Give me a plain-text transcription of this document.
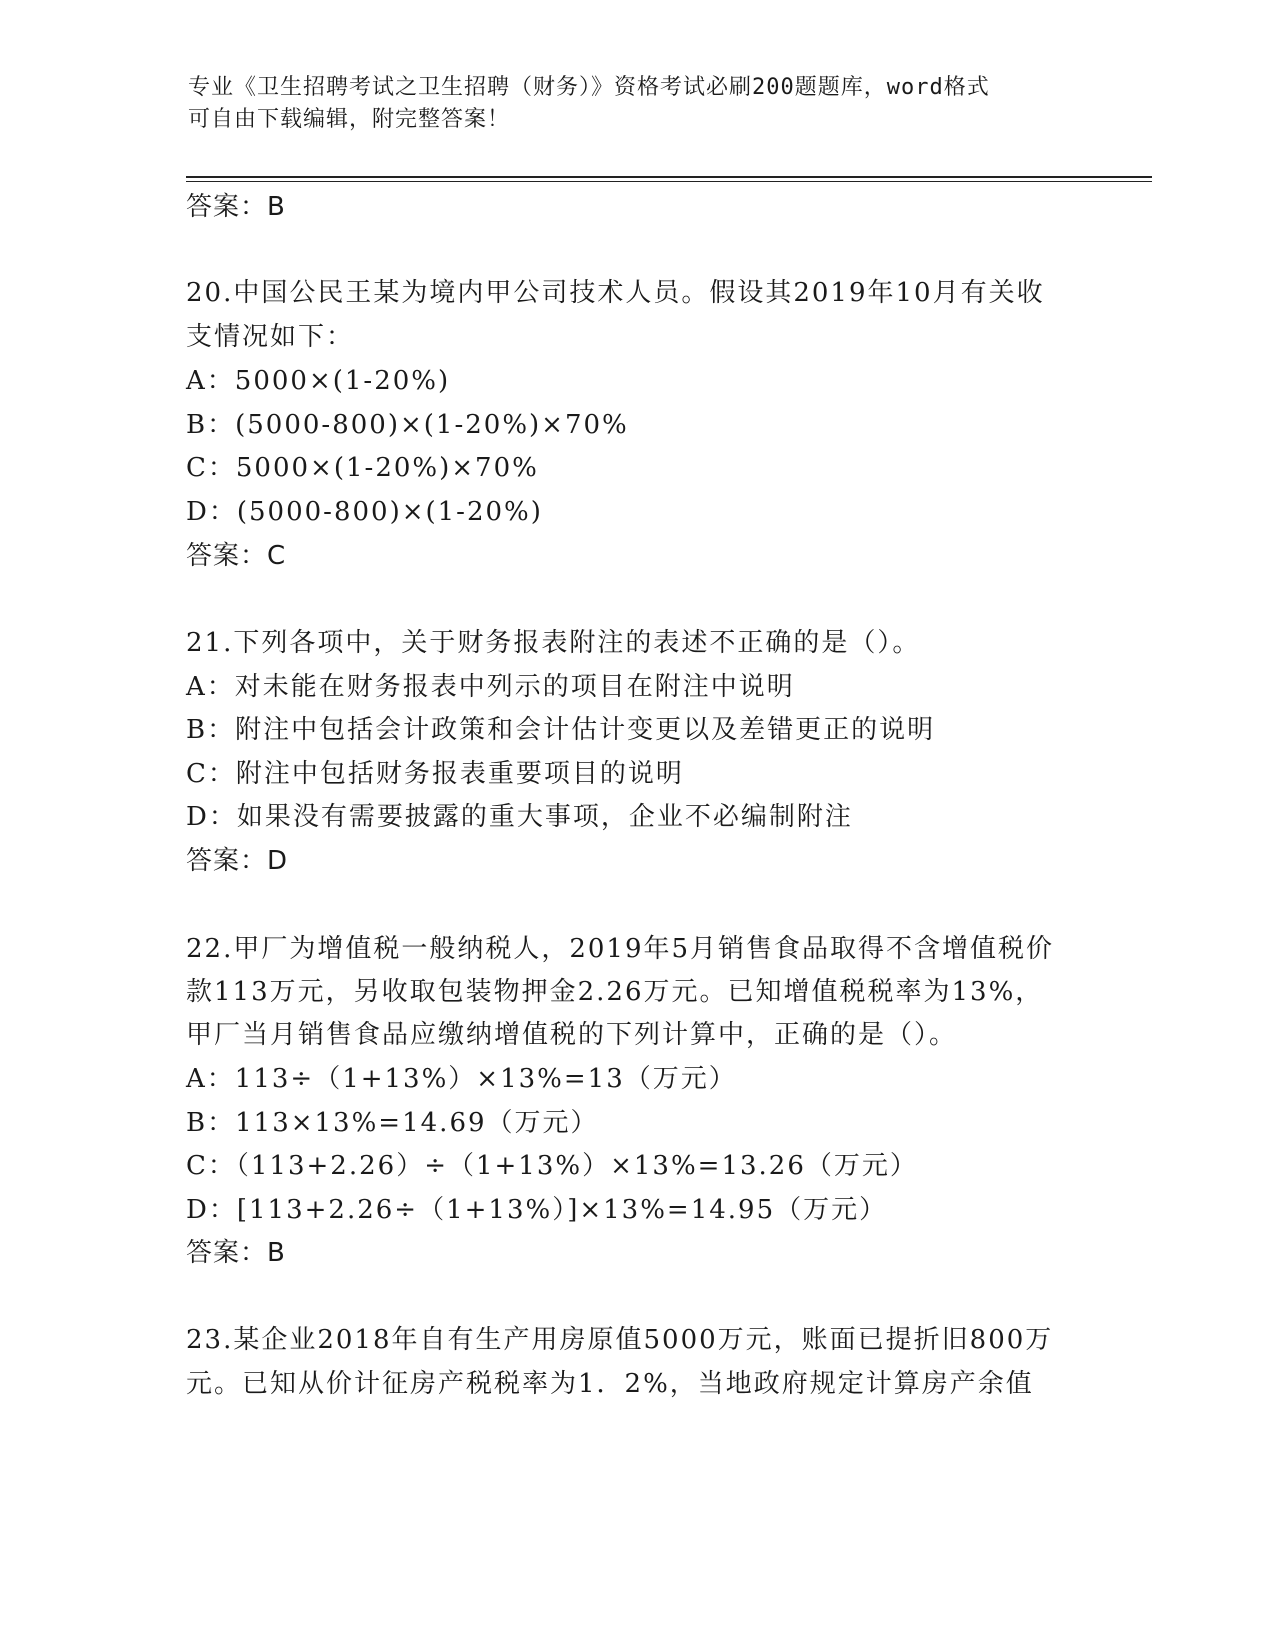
专业《卫生招聘考试之卫生招聘（财务）》资格考试必刷200题题库，word格式
可自由下载编辑，附完整答案！
答案：B
20.中国公民王某为境内甲公司技术人员。假设其2019年10月有关收
支情况如下：
A：5000×(1-20%)
B：(5000-800)×(1-20%)×70%
C：5000×(1-20%)×70%
D：(5000-800)×(1-20%)
答案：C
21.下列各项中，关于财务报表附注的表述不正确的是（）。
A：对未能在财务报表中列示的项目在附注中说明
B：附注中包括会计政策和会计估计变更以及差错更正的说明
C：附注中包括财务报表重要项目的说明
D：如果没有需要披露的重大事项，企业不必编制附注
答案：D
22.甲厂为增值税一般纳税人，2019年5月销售食品取得不含增值税价
款113万元，另收取包装物押金2.26万元。已知增值税税率为13%，
甲厂当月销售食品应缴纳增值税的下列计算中，正确的是（）。
A：113÷（1+13%）×13%=13（万元）
B：113×13%=14.69（万元）
C：（113+2.26）÷（1+13%）×13%=13.26（万元）
D：[113+2.26÷（1+13%）]×13%=14.95（万元）
答案：B
23.某企业2018年自有生产用房原值5000万元，账面已提折旧800万
元。已知从价计征房产税税率为1．2%，当地政府规定计算房产余值
